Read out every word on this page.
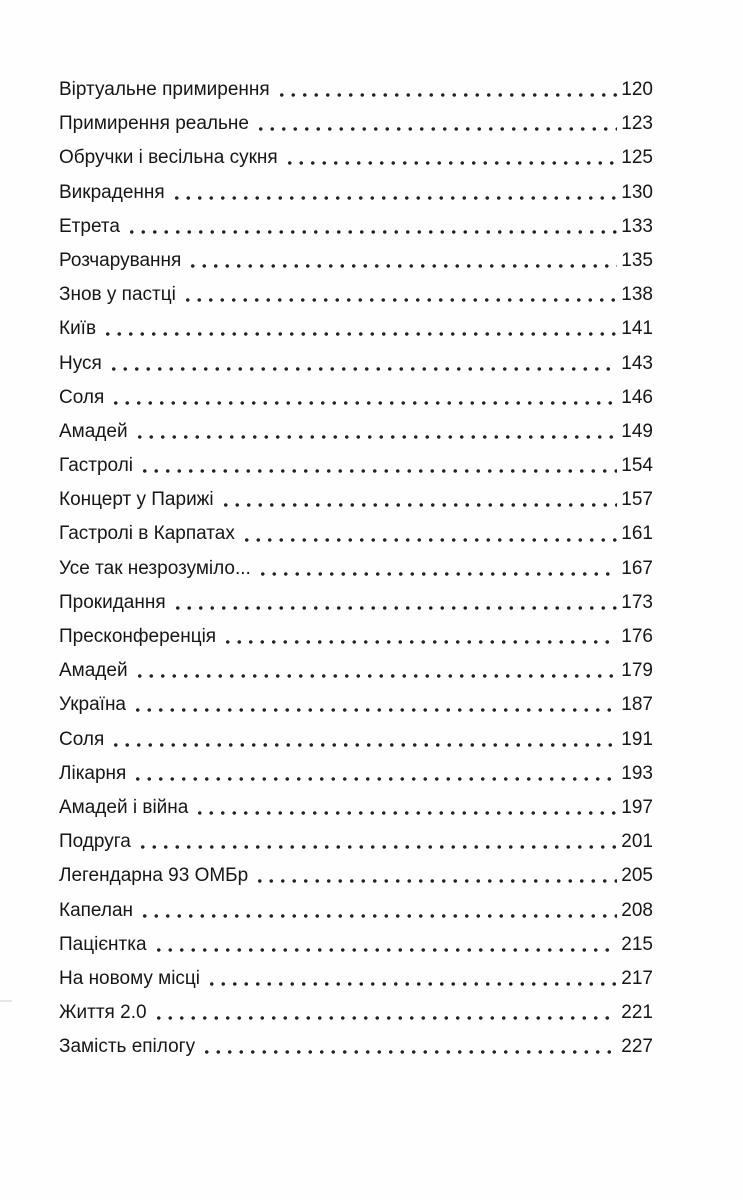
Віртуальне примирення	120
Примирення реальне	123
Обручки і весільна сукня	125
Викрадення	130
Етрета	133
Розчарування	135
Знов у пастці	138
Київ	141
Нуся	143
Соля	146
Амадей	149
Гастролі	154
Концерт у Парижі	157
Гастролі в Карпатах	161
Усе так незрозуміло...	167
Прокидання	173
Пресконференція	176
Амадей	179
Україна	187
Соля	191
Лікарня	193
Амадей і війна	197
Подруга	201
Легендарна 93 ОМБр	205
Капелан	208
Пацієнтка	215
На новому місці	217
Життя 2.0	221
Замість епілогу	227
